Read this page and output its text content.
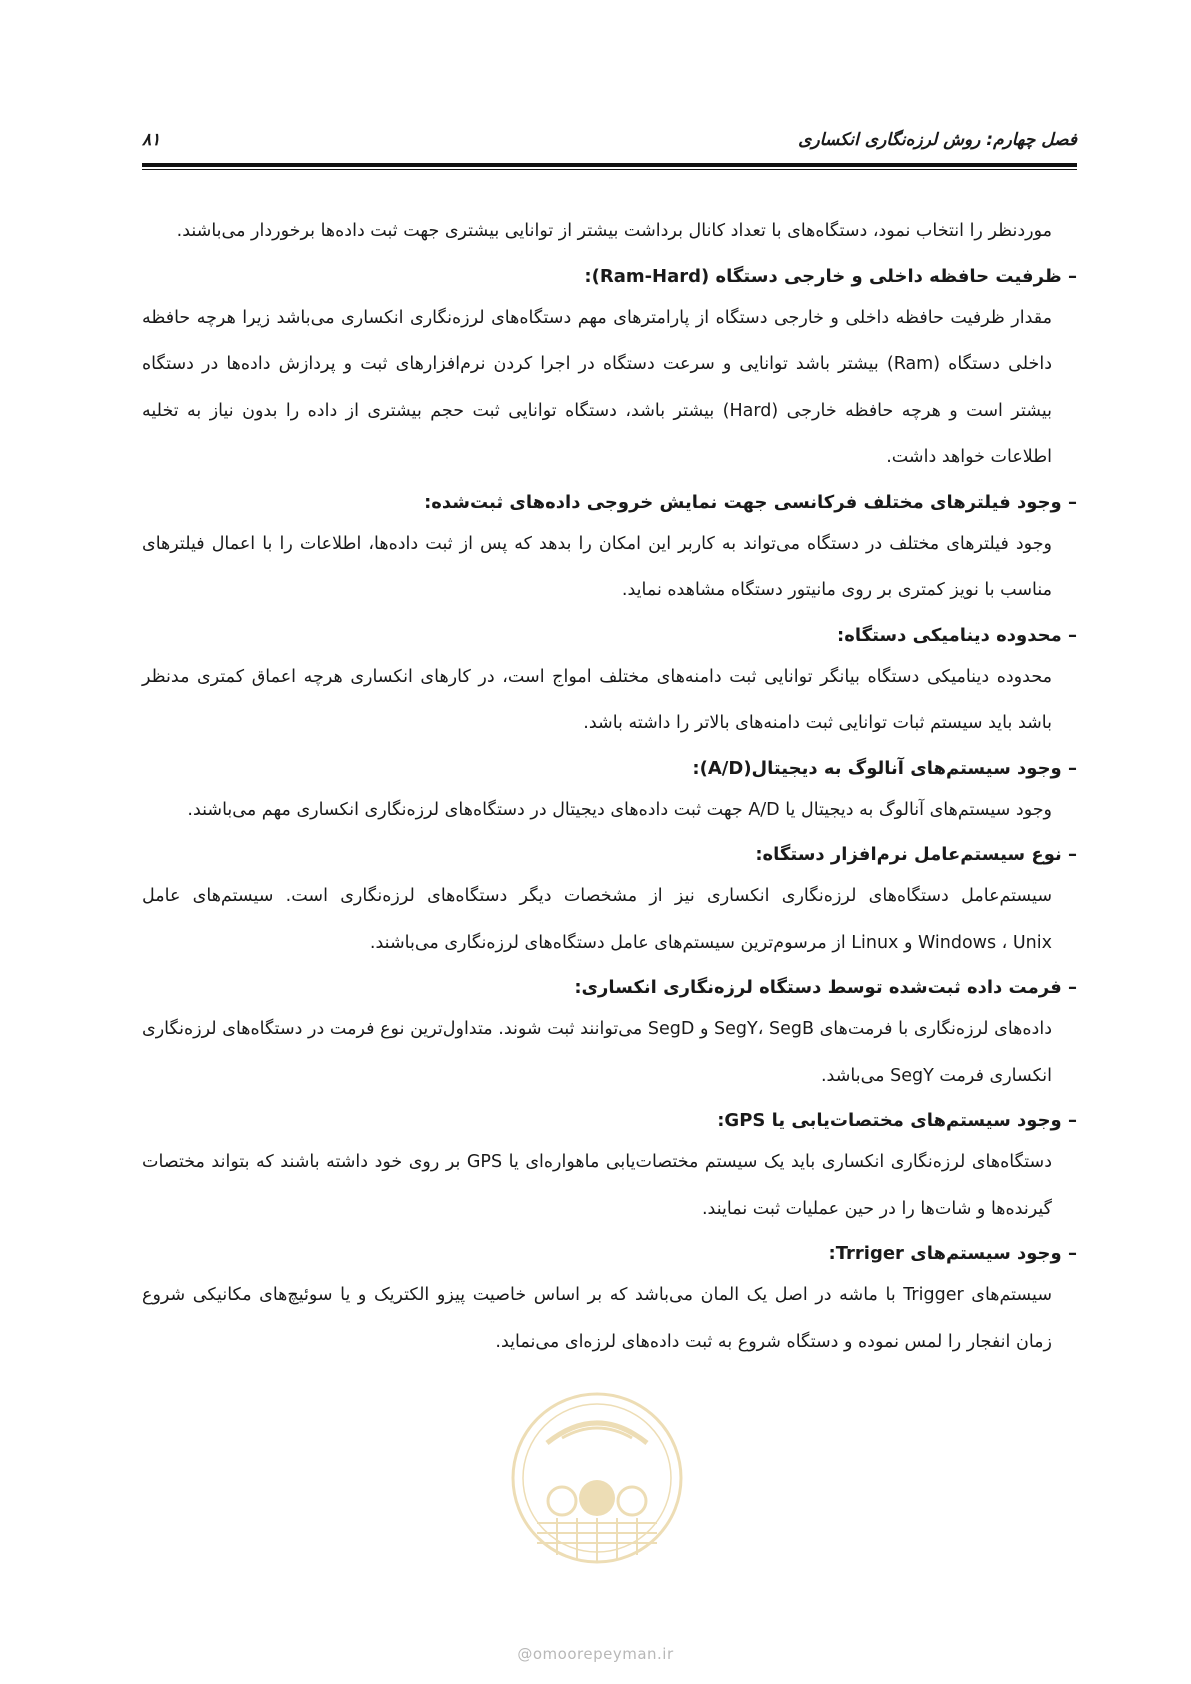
فصل چهارم: روش لرزه‌نگاری انکساری
۸۱

موردنظر را انتخاب نمود، دستگاه‌های با تعداد کانال برداشت بیشتر از توانایی بیشتری جهت ثبت داده‌ها برخوردار می‌باشند.

– ظرفیت حافظه داخلی و خارجی دستگاه (Ram-Hard):

مقدار ظرفیت حافظه داخلی و خارجی دستگاه از پارامترهای مهم دستگاه‌های لرزه‌نگاری انکساری می‌باشد زیرا هرچه حافظه داخلی دستگاه (Ram) بیشتر باشد توانایی و سرعت دستگاه در اجرا کردن نرم‌افزارهای ثبت و پردازش داده‌ها در دستگاه بیشتر است و هرچه حافظه خارجی (Hard) بیشتر باشد، دستگاه توانایی ثبت حجم بیشتری از داده را بدون نیاز به تخلیه اطلاعات خواهد داشت.

– وجود فیلترهای مختلف فرکانسی جهت نمایش خروجی داده‌های ثبت‌شده:

وجود فیلترهای مختلف در دستگاه می‌تواند به کاربر این امکان را بدهد که پس از ثبت داده‌ها، اطلاعات را با اعمال فیلترهای مناسب با نویز کمتری بر روی مانیتور دستگاه مشاهده نماید.

– محدوده دینامیکی دستگاه:

محدوده دینامیکی دستگاه بیانگر توانایی ثبت دامنه‌های مختلف امواج است، در کارهای انکساری هرچه اعماق کمتری مدنظر باشد باید سیستم ثبات توانایی ثبت دامنه‌های بالاتر را داشته باشد.

– وجود سیستم‌های آنالوگ به دیجیتال(A/D):

وجود سیستم‌های آنالوگ به دیجیتال یا A/D جهت ثبت داده‌های دیجیتال در دستگاه‌های لرزه‌نگاری انکساری مهم می‌باشند.

– نوع سیستم‌عامل نرم‌افزار دستگاه:

سیستم‌عامل دستگاه‌های لرزه‌نگاری انکساری نیز از مشخصات دیگر دستگاه‌های لرزه‌نگاری است. سیستم‌های عامل Windows ، Unix و Linux از مرسوم‌ترین سیستم‌های عامل دستگاه‌های لرزه‌نگاری می‌باشند.

– فرمت داده ثبت‌شده توسط دستگاه لرزه‌نگاری انکساری:

داده‌های لرزه‌نگاری با فرمت‌های SegY، SegB و SegD می‌توانند ثبت شوند. متداول‌ترین نوع فرمت در دستگاه‌های لرزه‌نگاری انکساری فرمت SegY می‌باشد.

– وجود سیستم‌های مختصات‌یابی یا GPS:

دستگاه‌های لرزه‌نگاری انکساری باید یک سیستم مختصات‌یابی ماهواره‌ای یا GPS بر روی خود داشته باشند که بتواند مختصات گیرنده‌ها و شات‌ها را در حین عملیات ثبت نمایند.

– وجود سیستم‌های Trriger:

سیستم‌های Trigger با ماشه در اصل یک المان می‌باشد که بر اساس خاصیت پیزو الکتریک و یا سوئیچ‌های مکانیکی شروع زمان انفجار را لمس نموده و دستگاه شروع به ثبت داده‌های لرزه‌ای می‌نماید.

@omoorepeyman.ir
